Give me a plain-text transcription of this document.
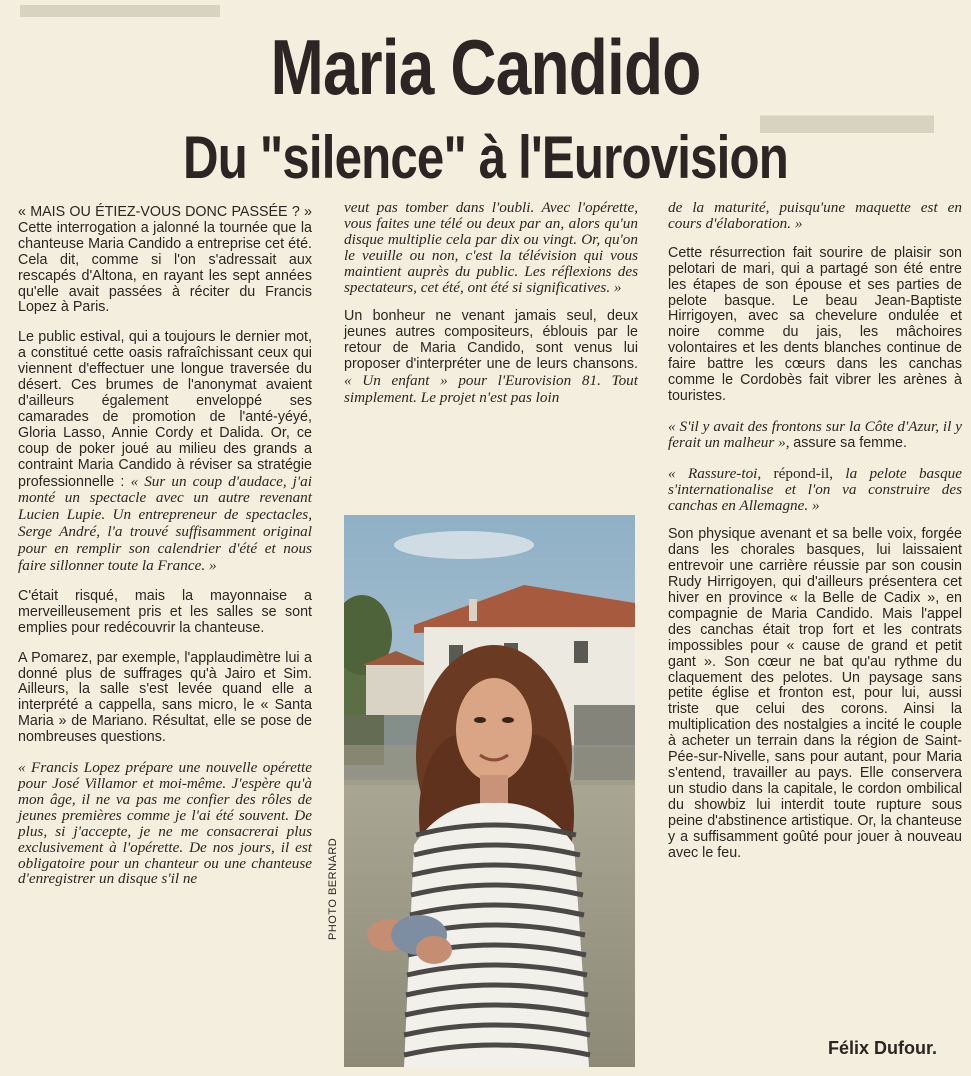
▬▬▬▬▬
▬▬▬
Maria Candido
Du "silence" à l'Eurovision

« MAIS OU ÉTIEZ-VOUS DONC PASSÉE ? » Cette interrogation a jalonné la tournée que la chanteuse Maria Candido a entreprise cet été. Cela dit, comme si l'on s'adressait aux rescapés d'Altona, en rayant les sept années qu'elle avait passées à réciter du Francis Lopez à Paris.

Le public estival, qui a toujours le dernier mot, a constitué cette oasis rafraîchissant ceux qui viennent d'effectuer une longue traversée du désert. Ces brumes de l'anonymat avaient d'ailleurs également enveloppé ses camarades de promotion de l'anté-yéyé, Gloria Lasso, Annie Cordy et Dalida. Or, ce coup de poker joué au milieu des grands a contraint Maria Candido à réviser sa stratégie professionnelle : « Sur un coup d'audace, j'ai monté un spectacle avec un autre revenant Lucien Lupie. Un entrepreneur de spectacles, Serge André, l'a trouvé suffisamment original pour en remplir son calendrier d'été et nous faire sillonner toute la France. »

C'était risqué, mais la mayonnaise a merveilleusement pris et les salles se sont emplies pour redécouvrir la chanteuse.

A Pomarez, par exemple, l'applaudimètre lui a donné plus de suffrages qu'à Jairo et Sim. Ailleurs, la salle s'est levée quand elle a interprété a cappella, sans micro, le « Santa Maria » de Mariano. Résultat, elle se pose de nombreuses questions.

« Francis Lopez prépare une nouvelle opérette pour José Villamor et moi-même. J'espère qu'à mon âge, il ne va pas me confier des rôles de jeunes premières comme je l'ai été souvent. De plus, si j'accepte, je ne me consacrerai plus exclusivement à l'opérette. De nos jours, il est obligatoire pour un chanteur ou une chanteuse d'enregistrer un disque s'il ne

veut pas tomber dans l'oubli. Avec l'opérette, vous faites une télé ou deux par an, alors qu'un disque multiplie cela par dix ou vingt. Or, qu'on le veuille ou non, c'est la télévision qui vous maintient auprès du public. Les réflexions des spectateurs, cet été, ont été si significatives. »

Un bonheur ne venant jamais seul, deux jeunes autres compositeurs, éblouis par le retour de Maria Candido, sont venus lui proposer d'interpréter une de leurs chansons. « Un enfant » pour l'Eurovision 81. Tout simplement. Le projet n'est pas loin

PHOTO BERNARD

de la maturité, puisqu'une maquette est en cours d'élaboration. »

Cette résurrection fait sourire de plaisir son pelotari de mari, qui a partagé son été entre les étapes de son épouse et ses parties de pelote basque. Le beau Jean-Baptiste Hirrigoyen, avec sa chevelure ondulée et noire comme du jais, les mâchoires volontaires et les dents blanches continue de faire battre les cœurs dans les canchas comme le Cordobès fait vibrer les arènes à touristes.

« S'il y avait des frontons sur la Côte d'Azur, il y ferait un malheur », assure sa femme.

« Rassure-toi, répond-il, la pelote basque s'internationalise et l'on va construire des canchas en Allemagne. »

Son physique avenant et sa belle voix, forgée dans les chorales basques, lui laissaient entrevoir une carrière réussie par son cousin Rudy Hirrigoyen, qui d'ailleurs présentera cet hiver en province « la Belle de Cadix », en compagnie de Maria Candido. Mais l'appel des canchas était trop fort et les contrats impossibles pour « cause de grand et petit gant ». Son cœur ne bat qu'au rythme du claquement des pelotes. Un paysage sans petite église et fronton est, pour lui, aussi triste que celui des corons. Ainsi la multiplication des nostalgies a incité le couple à acheter un terrain dans la région de Saint-Pée-sur-Nivelle, sans pour autant, pour Maria s'entend, travailler au pays. Elle conservera un studio dans la capitale, le cordon ombilical du showbiz lui interdit toute rupture sous peine d'abstinence artistique. Or, la chanteuse y a suffisamment goûté pour jouer à nouveau avec le feu.

Félix Dufour.
